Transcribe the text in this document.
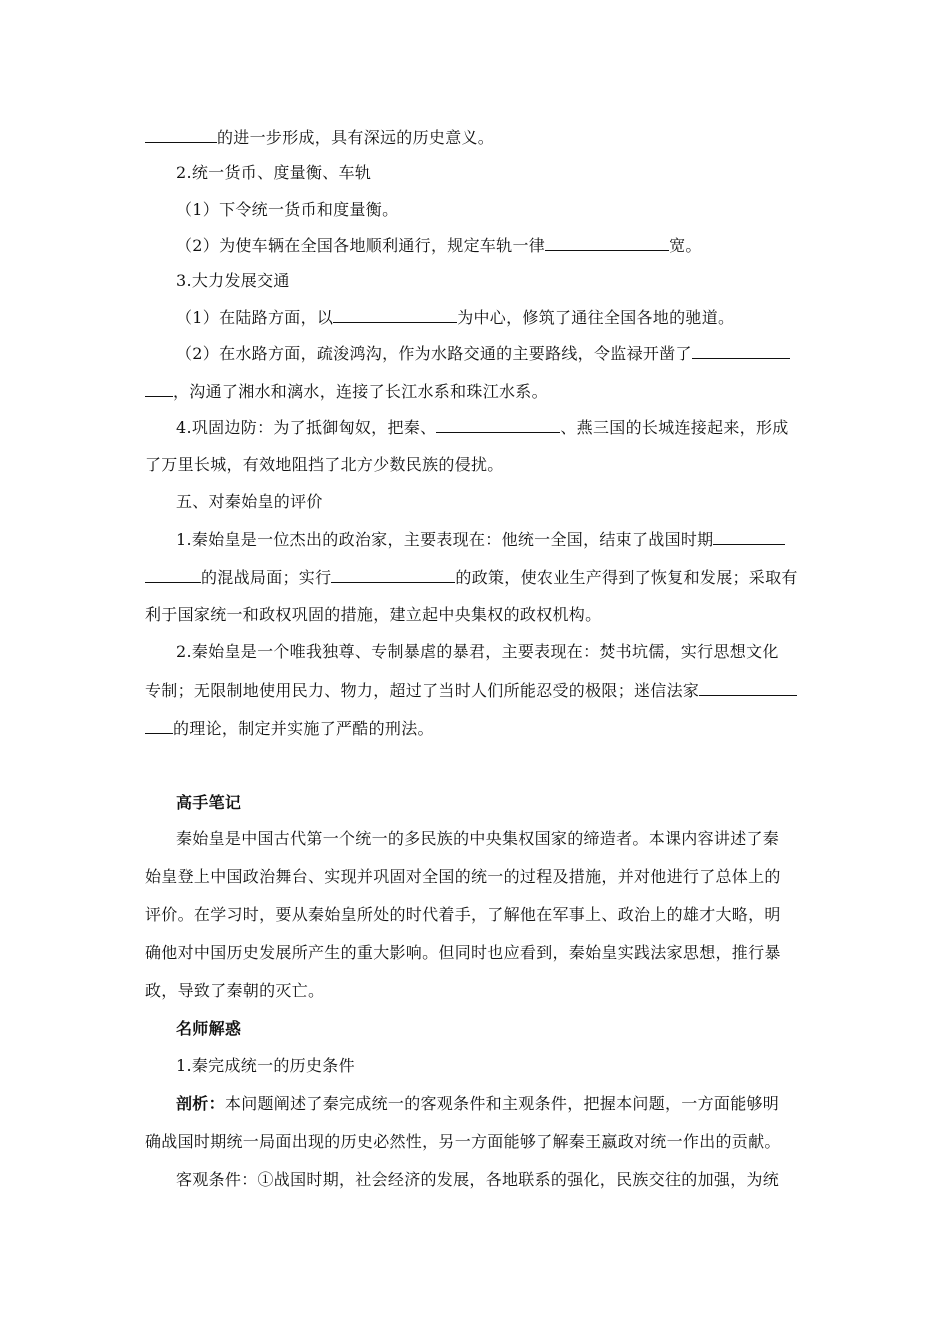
的进一步形成，具有深远的历史意义。
2.统一货币、度量衡、车轨
（1）下令统一货币和度量衡。
（2）为使车辆在全国各地顺利通行，规定车轨一律	宽。
3.大力发展交通
（1）在陆路方面，以	为中心，修筑了通往全国各地的驰道。
（2）在水路方面，疏浚鸿沟，作为水路交通的主要路线，令监禄开凿了
，沟通了湘水和漓水，连接了长江水系和珠江水系。
4.巩固边防：为了抵御匈奴，把秦、	、燕三国的长城连接起来，形成
了万里长城，有效地阻挡了北方少数民族的侵扰。
五、对秦始皇的评价
1.秦始皇是一位杰出的政治家，主要表现在：他统一全国，结束了战国时期
的混战局面；实行	的政策，使农业生产得到了恢复和发展；采取有
利于国家统一和政权巩固的措施，建立起中央集权的政权机构。
2.秦始皇是一个唯我独尊、专制暴虐的暴君，主要表现在：焚书坑儒，实行思想文化
专制；无限制地使用民力、物力，超过了当时人们所能忍受的极限；迷信法家
的理论，制定并实施了严酷的刑法。
高手笔记
秦始皇是中国古代第一个统一的多民族的中央集权国家的缔造者。本课内容讲述了秦
始皇登上中国政治舞台、实现并巩固对全国的统一的过程及措施，并对他进行了总体上的
评价。在学习时，要从秦始皇所处的时代着手，了解他在军事上、政治上的雄才大略，明
确他对中国历史发展所产生的重大影响。但同时也应看到，秦始皇实践法家思想，推行暴
政，导致了秦朝的灭亡。
名师解惑
1.秦完成统一的历史条件
剖析：本问题阐述了秦完成统一的客观条件和主观条件，把握本问题，一方面能够明
确战国时期统一局面出现的历史必然性，另一方面能够了解秦王嬴政对统一作出的贡献。
客观条件：①战国时期，社会经济的发展，各地联系的强化，民族交往的加强，为统
